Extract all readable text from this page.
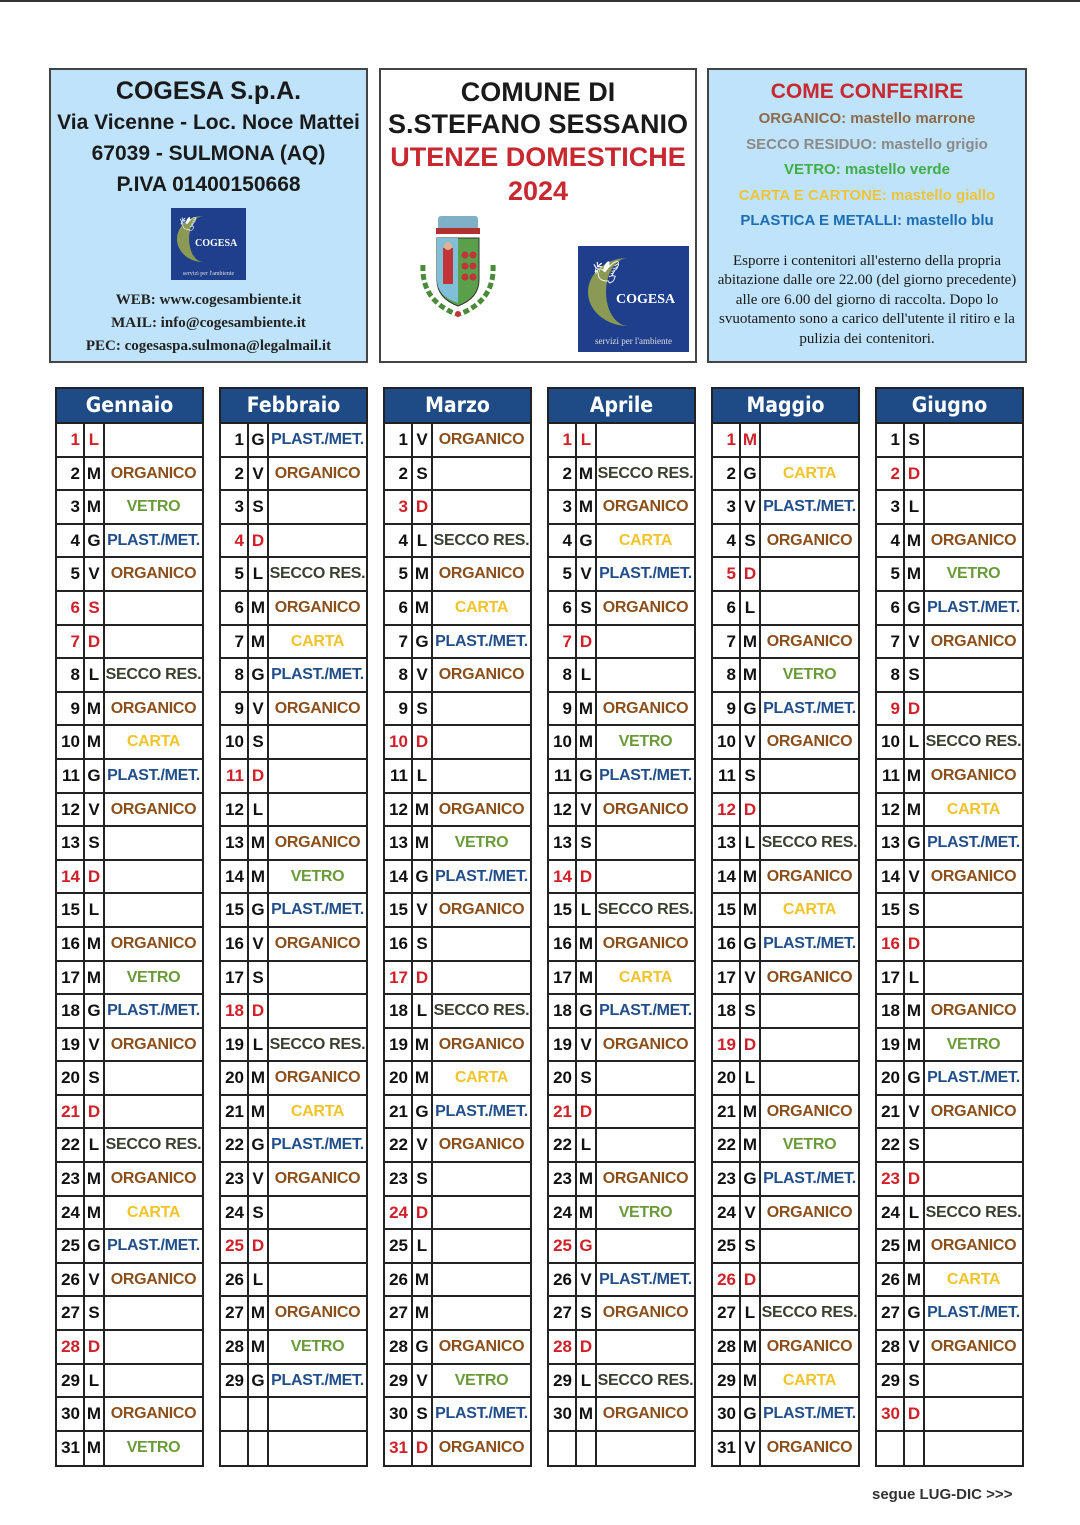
COGESA S.p.A.
Via Vicenne - Loc. Noce Mattei
67039 - SULMONA (AQ)
P.IVA 01400150668
🕊
COGESA
servizi per l'ambiente
WEB: www.cogesambiente.it
MAIL: info@cogesambiente.it
PEC: cogesaspa.sulmona@legalmail.it
COMUNE DI
S.STEFANO SESSANIO
UTENZE DOMESTICHE
2024
🕊
COGESA
servizi per l'ambiente
COME CONFERIRE
ORGANICO: mastello marrone
SECCO RESIDUO: mastello grigio
VETRO: mastello verde
CARTA E CARTONE: mastello giallo
PLASTICA E METALLI: mastello blu
Esporre i contenitori all'esterno della propria abitazione dalle ore 22.00 (del giorno precedente) alle ore 6.00 del giorno di raccolta. Dopo lo svuotamento sono a carico dell'utente il ritiro e la pulizia dei contenitori.
Gennaio
1 L
2 M ORGANICO
3 M	VETRO
4 G PLAST./MET.
5 V ORGANICO
6 S
7 D
8 L SECCO RES.
9 M ORGANICO
10 M	CARTA
11 G PLAST./MET.
12 V ORGANICO
13 S
14 D
15 L
16 M ORGANICO
17 M	VETRO
18 G PLAST./MET.
19 V ORGANICO
20 S
21 D
22 L SECCO RES.
23 M ORGANICO
24 M	CARTA
25 G PLAST./MET.
26 V ORGANICO
27 S
28 D
29 L
30 M ORGANICO
31 M	VETRO
Febbraio
1 G PLAST./MET.
2 V ORGANICO
3 S
4 D
5 L SECCO RES.
6 M ORGANICO
7 M	CARTA
8 G PLAST./MET.
9 V ORGANICO
10 S
11 D
12 L
13 M ORGANICO
14 M	VETRO
15 G PLAST./MET.
16 V ORGANICO
17 S
18 D
19 L SECCO RES.
20 M ORGANICO
21 M	CARTA
22 G PLAST./MET.
23 V ORGANICO
24 S
25 D
26 L
27 M ORGANICO
28 M	VETRO
29 G PLAST./MET.
Marzo
1 V ORGANICO
2 S
3 D
4 L SECCO RES.
5 M ORGANICO
6 M	CARTA
7 G PLAST./MET.
8 V ORGANICO
9 S
10 D
11 L
12 M ORGANICO
13 M	VETRO
14 G PLAST./MET.
15 V ORGANICO
16 S
17 D
18 L SECCO RES.
19 M ORGANICO
20 M	CARTA
21 G PLAST./MET.
22 V ORGANICO
23 S
24 D
25 L
26 M
27 M
28 G ORGANICO
29 V	VETRO
30 S PLAST./MET.
31 D ORGANICO
Aprile
1 L
2 M SECCO RES.
3 M ORGANICO
4 G	CARTA
5 V PLAST./MET.
6 S ORGANICO
7 D
8 L
9 M ORGANICO
10 M	VETRO
11 G PLAST./MET.
12 V ORGANICO
13 S
14 D
15 L SECCO RES.
16 M ORGANICO
17 M	CARTA
18 G PLAST./MET.
19 V ORGANICO
20 S
21 D
22 L
23 M ORGANICO
24 M	VETRO
25 G
26 V PLAST./MET.
27 S ORGANICO
28 D
29 L SECCO RES.
30 M ORGANICO
Maggio
1 M
2 G	CARTA
3 V PLAST./MET.
4 S ORGANICO
5 D
6 L
7 M ORGANICO
8 M	VETRO
9 G PLAST./MET.
10 V ORGANICO
11 S
12 D
13 L SECCO RES.
14 M ORGANICO
15 M	CARTA
16 G PLAST./MET.
17 V ORGANICO
18 S
19 D
20 L
21 M ORGANICO
22 M	VETRO
23 G PLAST./MET.
24 V ORGANICO
25 S
26 D
27 L SECCO RES.
28 M ORGANICO
29 M	CARTA
30 G PLAST./MET.
31 V ORGANICO
Giugno
1 S
2 D
3 L
4 M ORGANICO
5 M	VETRO
6 G PLAST./MET.
7 V ORGANICO
8 S
9 D
10 L SECCO RES.
11 M ORGANICO
12 M	CARTA
13 G PLAST./MET.
14 V ORGANICO
15 S
16 D
17 L
18 M ORGANICO
19 M	VETRO
20 G PLAST./MET.
21 V ORGANICO
22 S
23 D
24 L SECCO RES.
25 M ORGANICO
26 M	CARTA
27 G PLAST./MET.
28 V ORGANICO
29 S
30 D
segue LUG-DIC >>>
